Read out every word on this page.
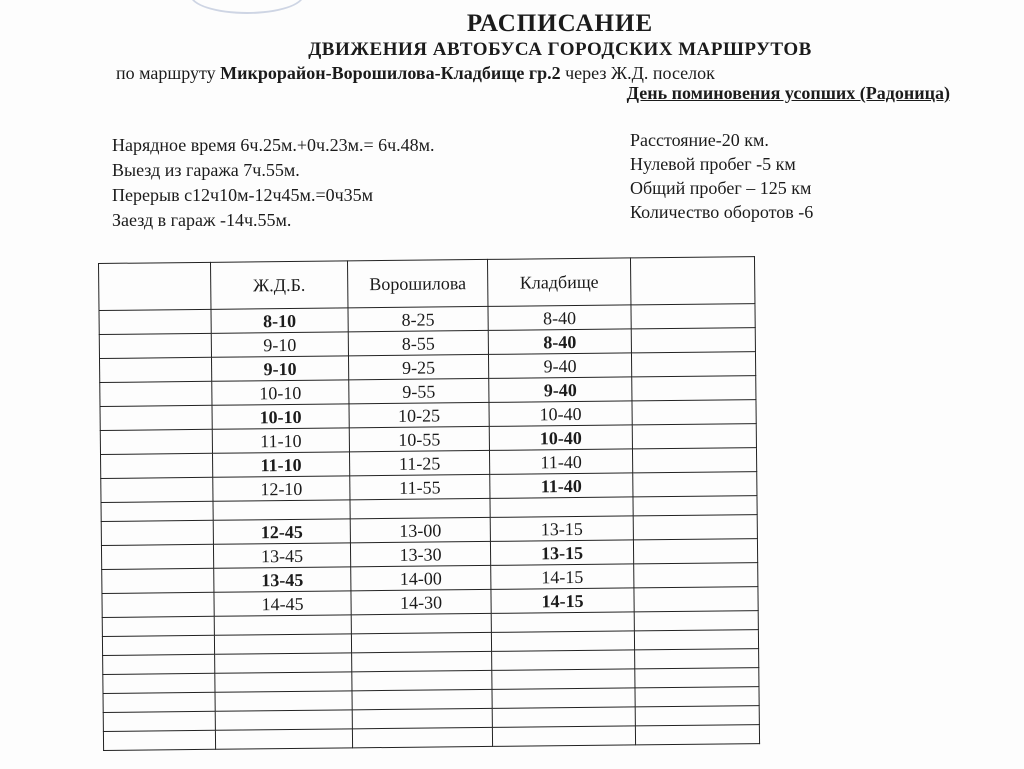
РАСПИСАНИЕ
ДВИЖЕНИЯ АВТОБУСА ГОРОДСКИХ МАРШРУТОВ
по маршруту Микрорайон-Ворошилова-Кладбище гр.2 через Ж.Д. поселок
День поминовения усопших (Радоница)
Нарядное время 6ч.25м.+0ч.23м.= 6ч.48м.
Выезд из гаража 7ч.55м.
Перерыв с12ч10м-12ч45м.=0ч35м
Заезд в гараж -14ч.55м.
Расстояние-20 км.
Нулевой пробег -5 км
Общий пробег – 125 км
Количество оборотов -6
	Ж.Д.Б.	Ворошилова	Кладбище	
	8-10	8-25	8-40	
	9-10	8-55	8-40	
	9-10	9-25	9-40	
	10-10	9-55	9-40	
	10-10	10-25	10-40	
	11-10	10-55	10-40	
	11-10	11-25	11-40	
	12-10	11-55	11-40	

	12-45	13-00	13-15	
	13-45	13-30	13-15	
	13-45	14-00	14-15	
	14-45	14-30	14-15	
